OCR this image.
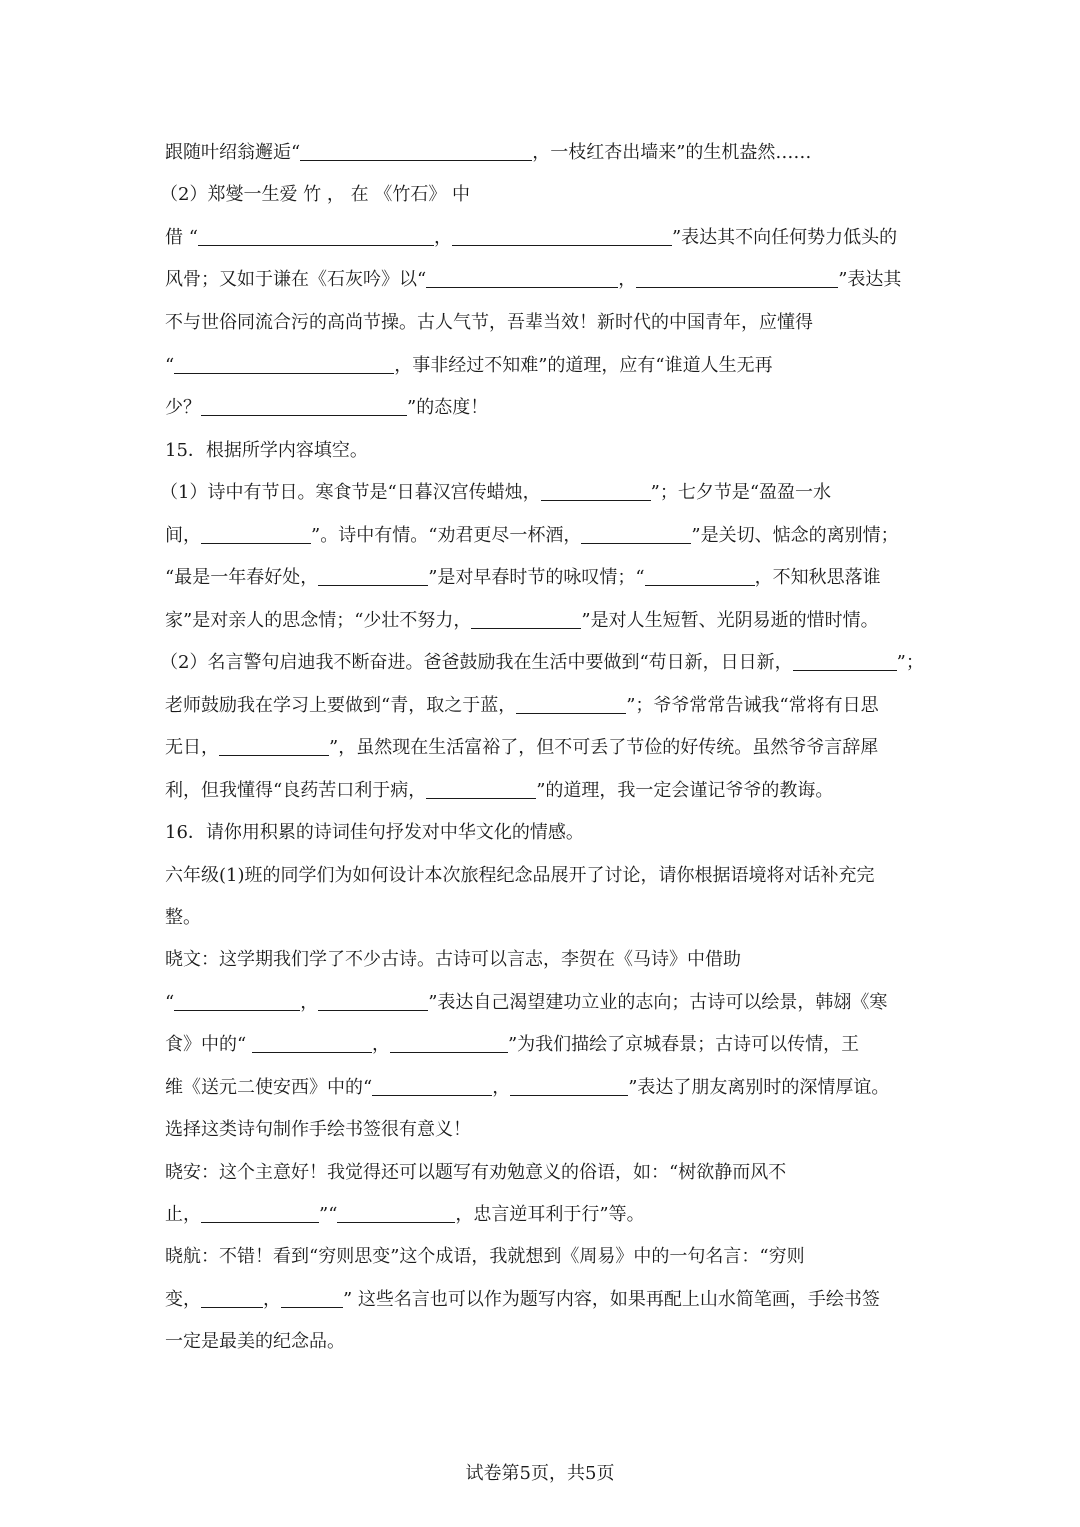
跟随叶绍翁邂逅“	，一枝红杏出墙来”的生机盎然……
（2）郑燮一生爱 竹 ， 在 《竹石》 中
借 “	，	”表达其不向任何势力低头的
风骨；又如于谦在《石灰吟》以“	，	”表达其
不与世俗同流合污的高尚节操。古人气节，吾辈当效！新时代的中国青年，应懂得
“	，事非经过不知难”的道理，应有“谁道人生无再
少？	”的态度！
15．根据所学内容填空。
（1）诗中有节日。寒食节是“日暮汉宫传蜡烛，	”；七夕节是“盈盈一水
间，	”。诗中有情。“劝君更尽一杯酒，	”是关切、惦念的离别情；
“最是一年春好处，	”是对早春时节的咏叹情；“	，不知秋思落谁
家”是对亲人的思念情；“少壮不努力，	”是对人生短暂、光阴易逝的惜时情。
（2）名言警句启迪我不断奋进。爸爸鼓励我在生活中要做到“苟日新，日日新，	”；
老师鼓励我在学习上要做到“青，取之于蓝，	”；爷爷常常告诫我“常将有日思
无日，	”，虽然现在生活富裕了，但不可丢了节俭的好传统。虽然爷爷言辞犀
利，但我懂得“良药苦口利于病，	”的道理，我一定会谨记爷爷的教诲。
16．请你用积累的诗词佳句抒发对中华文化的情感。
六年级(1)班的同学们为如何设计本次旅程纪念品展开了讨论，请你根据语境将对话补充完
整。
晓文：这学期我们学了不少古诗。古诗可以言志，李贺在《马诗》中借助
“	，	”表达自己渴望建功立业的志向；古诗可以绘景，韩翃《寒
食》中的“	，	”为我们描绘了京城春景；古诗可以传情，王
维《送元二使安西》中的“	，	”表达了朋友离别时的深情厚谊。
选择这类诗句制作手绘书签很有意义！
晓安：这个主意好！我觉得还可以题写有劝勉意义的俗语，如：“树欲静而风不
止，	”“	，忠言逆耳利于行”等。
晓航：不错！看到“穷则思变”这个成语，我就想到《周易》中的一句名言：“穷则
变，	，	” 这些名言也可以作为题写内容，如果再配上山水简笔画，手绘书签
一定是最美的纪念品。
试卷第5页，共5页
